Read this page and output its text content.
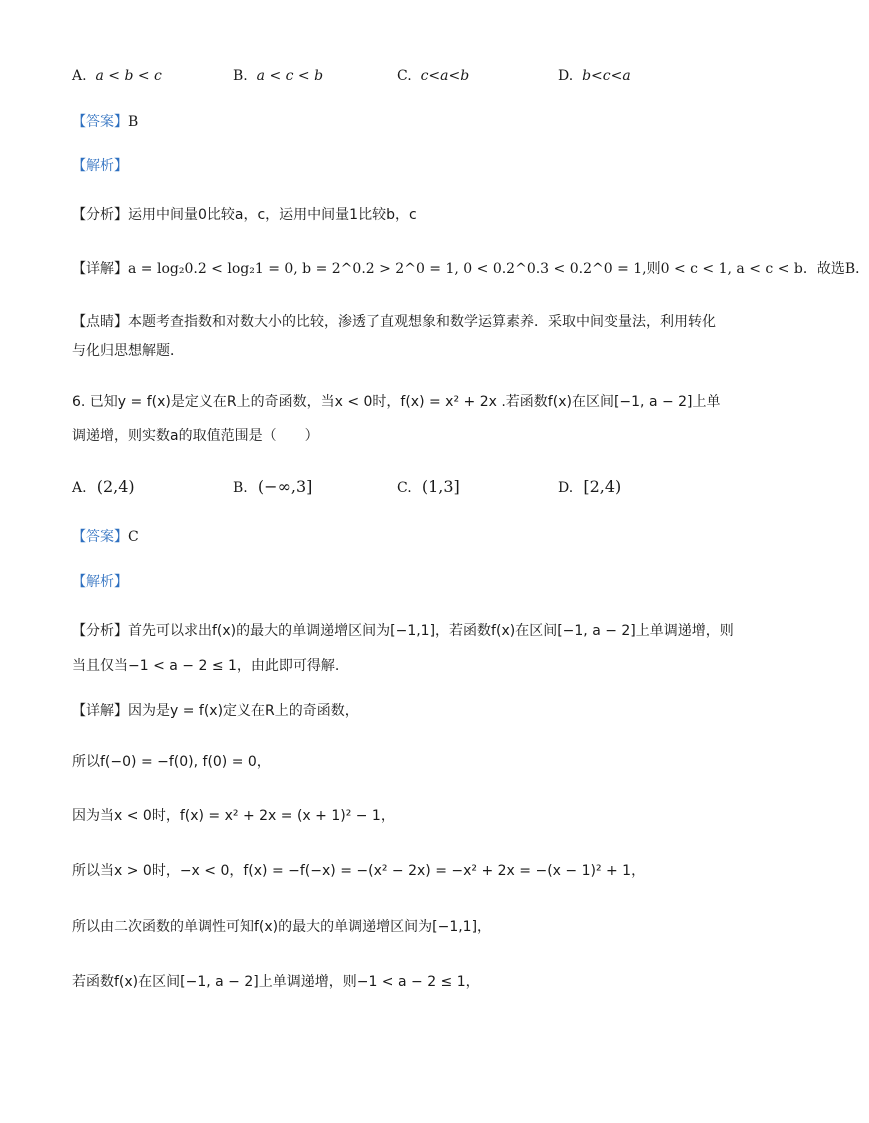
A. a < b < c	B. a < c < b	C. c<a<b	D. b<c<a
【答案】B
【解析】
【分析】运用中间量0比较a，c，运用中间量1比较b，c
【详解】a = log₂0.2 < log₂1 = 0, b = 2^0.2 > 2^0 = 1, 0 < 0.2^0.3 < 0.2^0 = 1,则0 < c < 1, a < c < b．故选B．
【点睛】本题考查指数和对数大小的比较，渗透了直观想象和数学运算素养．采取中间变量法，利用转化
与化归思想解题．
6. 已知y = f(x)是定义在R上的奇函数，当x < 0时，f(x) = x² + 2x .若函数f(x)在区间[−1, a − 2]上单
调递增，则实数a的取值范围是（　　）
A. (2,4)	B. (−∞,3]	C. (1,3]	D. [2,4)
【答案】C
【解析】
【分析】首先可以求出f(x)的最大的单调递增区间为[−1,1]，若函数f(x)在区间[−1, a − 2]上单调递增，则
当且仅当−1 < a − 2 ≤ 1，由此即可得解.
【详解】因为是y = f(x)定义在R上的奇函数，
所以f(−0) = −f(0), f(0) = 0，
因为当x < 0时，f(x) = x² + 2x = (x + 1)² − 1，
所以当x > 0时，−x < 0，f(x) = −f(−x) = −(x² − 2x) = −x² + 2x = −(x − 1)² + 1，
所以由二次函数的单调性可知f(x)的最大的单调递增区间为[−1,1]，
若函数f(x)在区间[−1, a − 2]上单调递增，则−1 < a − 2 ≤ 1，
